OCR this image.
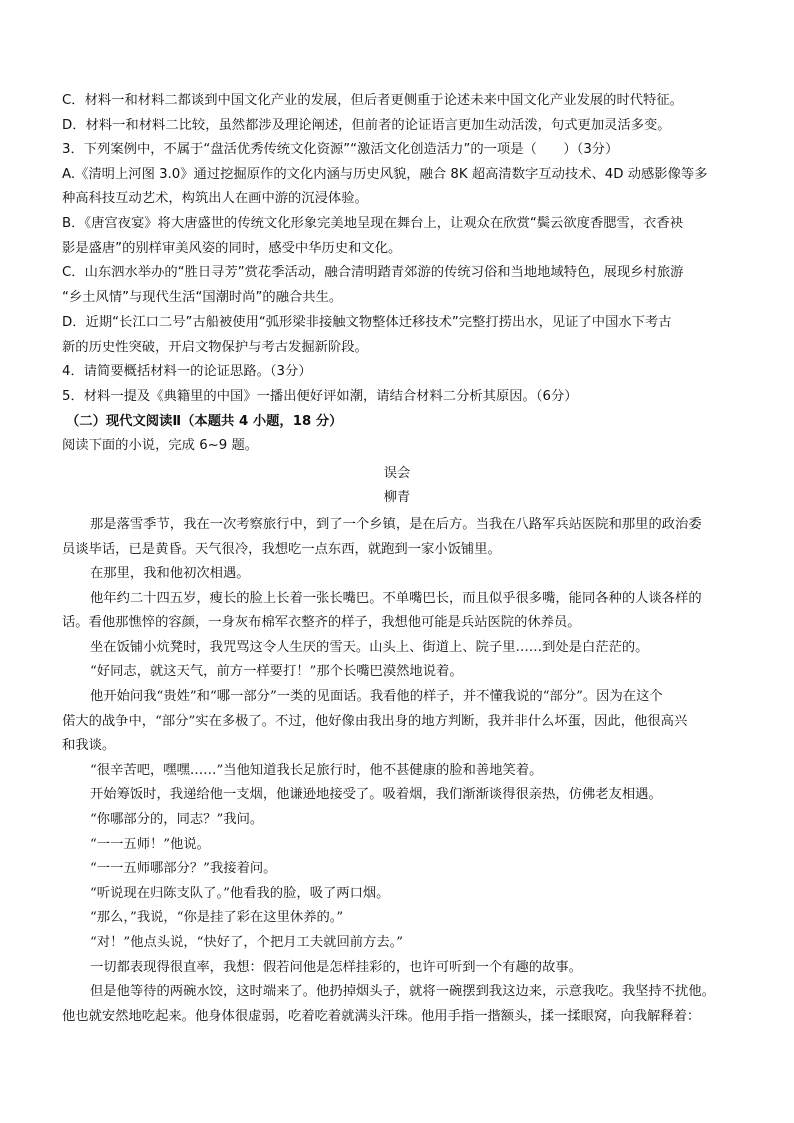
C．材料一和材料二都谈到中国文化产业的发展，但后者更侧重于论述未来中国文化产业发展的时代特征。
D．材料一和材料二比较，虽然都涉及理论阐述，但前者的论证语言更加生动活泼，句式更加灵活多变。
3．下列案例中，不属于“盘活优秀传统文化资源”“激活文化创造活力”的一项是（　　）（3分）
A.《清明上河图 3.0》通过挖掘原作的文化内涵与历史风貌，融合 8K 超高清数字互动技术、4D 动感影像等多
种高科技互动艺术，构筑出人在画中游的沉浸体验。
B．《唐宫夜宴》将大唐盛世的传统文化形象完美地呈现在舞台上，让观众在欣赏“鬓云欲度香腮雪，衣香袂
影是盛唐”的别样审美风姿的同时，感受中华历史和文化。
C．山东泗水举办的“胜日寻芳”赏花季活动，融合清明踏青郊游的传统习俗和当地地域特色，展现乡村旅游
“乡土风情”与现代生活“国潮时尚”的融合共生。
D．近期“长江口二号”古船被使用“弧形梁非接触文物整体迁移技术”完整打捞出水，见证了中国水下考古
新的历史性突破，开启文物保护与考古发掘新阶段。
4．请简要概括材料一的论证思路。（3分）
5．材料一提及《典籍里的中国》一播出便好评如潮，请结合材料二分析其原因。（6分）
（二）现代文阅读Ⅱ（本题共 4 小题，18 分）
阅读下面的小说，完成 6~9 题。
误会
柳青
那是落雪季节，我在一次考察旅行中，到了一个乡镇，是在后方。当我在八路军兵站医院和那里的政治委
员谈毕话，已是黄昏。天气很冷，我想吃一点东西，就跑到一家小饭铺里。
在那里，我和他初次相遇。
他年约二十四五岁，瘦长的脸上长着一张长嘴巴。不单嘴巴长，而且似乎很多嘴，能同各种的人谈各样的
话。看他那憔悴的容颜，一身灰布棉军衣整齐的样子，我想他可能是兵站医院的休养员。
坐在饭铺小炕凳时，我咒骂这令人生厌的雪天。山头上、街道上、院子里……到处是白茫茫的。
“好同志，就这天气，前方一样要打！”那个长嘴巴漠然地说着。
他开始问我“贵姓”和“哪一部分”一类的见面话。我看他的样子，并不懂我说的“部分”。因为在这个
偌大的战争中，“部分”实在多极了。不过，他好像由我出身的地方判断，我并非什么坏蛋，因此，他很高兴
和我谈。
“很辛苦吧，嘿嘿……”当他知道我长足旅行时，他不甚健康的脸和善地笑着。
开始筹饭时，我递给他一支烟，他谦逊地接受了。吸着烟，我们渐渐谈得很亲热，仿佛老友相遇。
“你哪部分的，同志？”我问。
“一一五师！”他说。
“一一五师哪部分？”我接着问。
“听说现在归陈支队了。”他看我的脸，吸了两口烟。
“那么，”我说，“你是挂了彩在这里休养的。”
“对！”他点头说，“快好了，个把月工夫就回前方去。”
一切都表现得很直率，我想：假若问他是怎样挂彩的，也许可听到一个有趣的故事。
但是他等待的两碗水饺，这时端来了。他扔掉烟头子，就将一碗摆到我这边来，示意我吃。我坚持不扰他。
他也就安然地吃起来。他身体很虚弱，吃着吃着就满头汗珠。他用手指一揩额头，揉一揉眼窝，向我解释着：
